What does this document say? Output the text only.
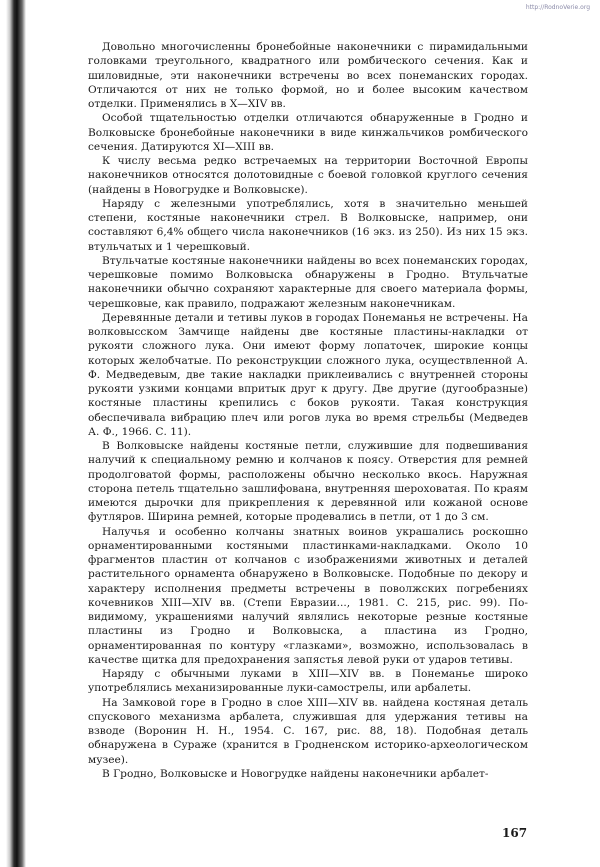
http://RodnoVerie.org

Довольно многочисленны бронебойные наконечники с пирамидальными головками треугольного, квадратного или ромбического сечения. Как и шиловидные, эти наконечники встречены во всех понеманских городах. Отличаются от них не только формой, но и более высоким качеством отделки. Применялись в X—XIV вв.

Особой тщательностью отделки отличаются обнаруженные в Гродно и Волковыске бронебойные наконечники в виде кинжальчиков ромбического сечения. Датируются XI—XIII вв.

К числу весьма редко встречаемых на территории Восточной Европы наконечников относятся долотовидные с боевой головкой круглого сечения (найдены в Новогрудке и Волковыске).

Наряду с железными употреблялись, хотя в значительно меньшей степени, костяные наконечники стрел. В Волковыске, например, они составляют 6,4% общего числа наконечников (16 экз. из 250). Из них 15 экз. втульчатых и 1 черешковый.

Втульчатые костяные наконечники найдены во всех понеманских городах, черешковые помимо Волковыска обнаружены в Гродно. Втульчатые наконечники обычно сохраняют характерные для своего материала формы, черешковые, как правило, подражают железным наконечникам.

Деревянные детали и тетивы луков в городах Понеманья не встречены. На волковысском Замчище найдены две костяные пластины-накладки от рукояти сложного лука. Они имеют форму лопаточек, широкие концы которых желобчатые. По реконструкции сложного лука, осуществленной А. Ф. Медведевым, две такие накладки приклеивались с внутренней стороны рукояти узкими концами впритык друг к другу. Две другие (дугообразные) костяные пластины крепились с боков рукояти. Такая конструкция обеспечивала вибрацию плеч или рогов лука во время стрельбы (Медведев А. Ф., 1966. С. 11).

В Волковыске найдены костяные петли, служившие для подвешивания налучий к специальному ремню и колчанов к поясу. Отверстия для ремней продолговатой формы, расположены обычно несколько вкось. Наружная сторона петель тщательно зашлифована, внутренняя шероховатая. По краям имеются дырочки для прикрепления к деревянной или кожаной основе футляров. Ширина ремней, которые продевались в петли, от 1 до 3 см.

Налучья и особенно колчаны знатных воинов украшались роскошно орнаментированными костяными пластинками-накладками. Около 10 фрагментов пластин от колчанов с изображениями животных и деталей растительного орнамента обнаружено в Волковыске. Подобные по декору и характеру исполнения предметы встречены в поволжских погребениях кочевников XIII—XIV вв. (Степи Евразии..., 1981. С. 215, рис. 99). По-видимому, украшениями налучий являлись некоторые резные костяные пластины из Гродно и Волковыска, а пластина из Гродно, орнаментированная по контуру «глазками», возможно, использовалась в качестве щитка для предохранения запястья левой руки от ударов тетивы.

Наряду с обычными луками в XIII—XIV вв. в Понеманье широко употреблялись механизированные луки-самострелы, или арбалеты.

На Замковой горе в Гродно в слое XIII—XIV вв. найдена костяная деталь спускового механизма арбалета, служившая для удержания тетивы на взводе (Воронин Н. Н., 1954. С. 167, рис. 88, 18). Подобная деталь обнаружена в Сураже (хранится в Гродненском историко-археологическом музее).

В Гродно, Волковыске и Новогрудке найдены наконечники арбалет-

167
